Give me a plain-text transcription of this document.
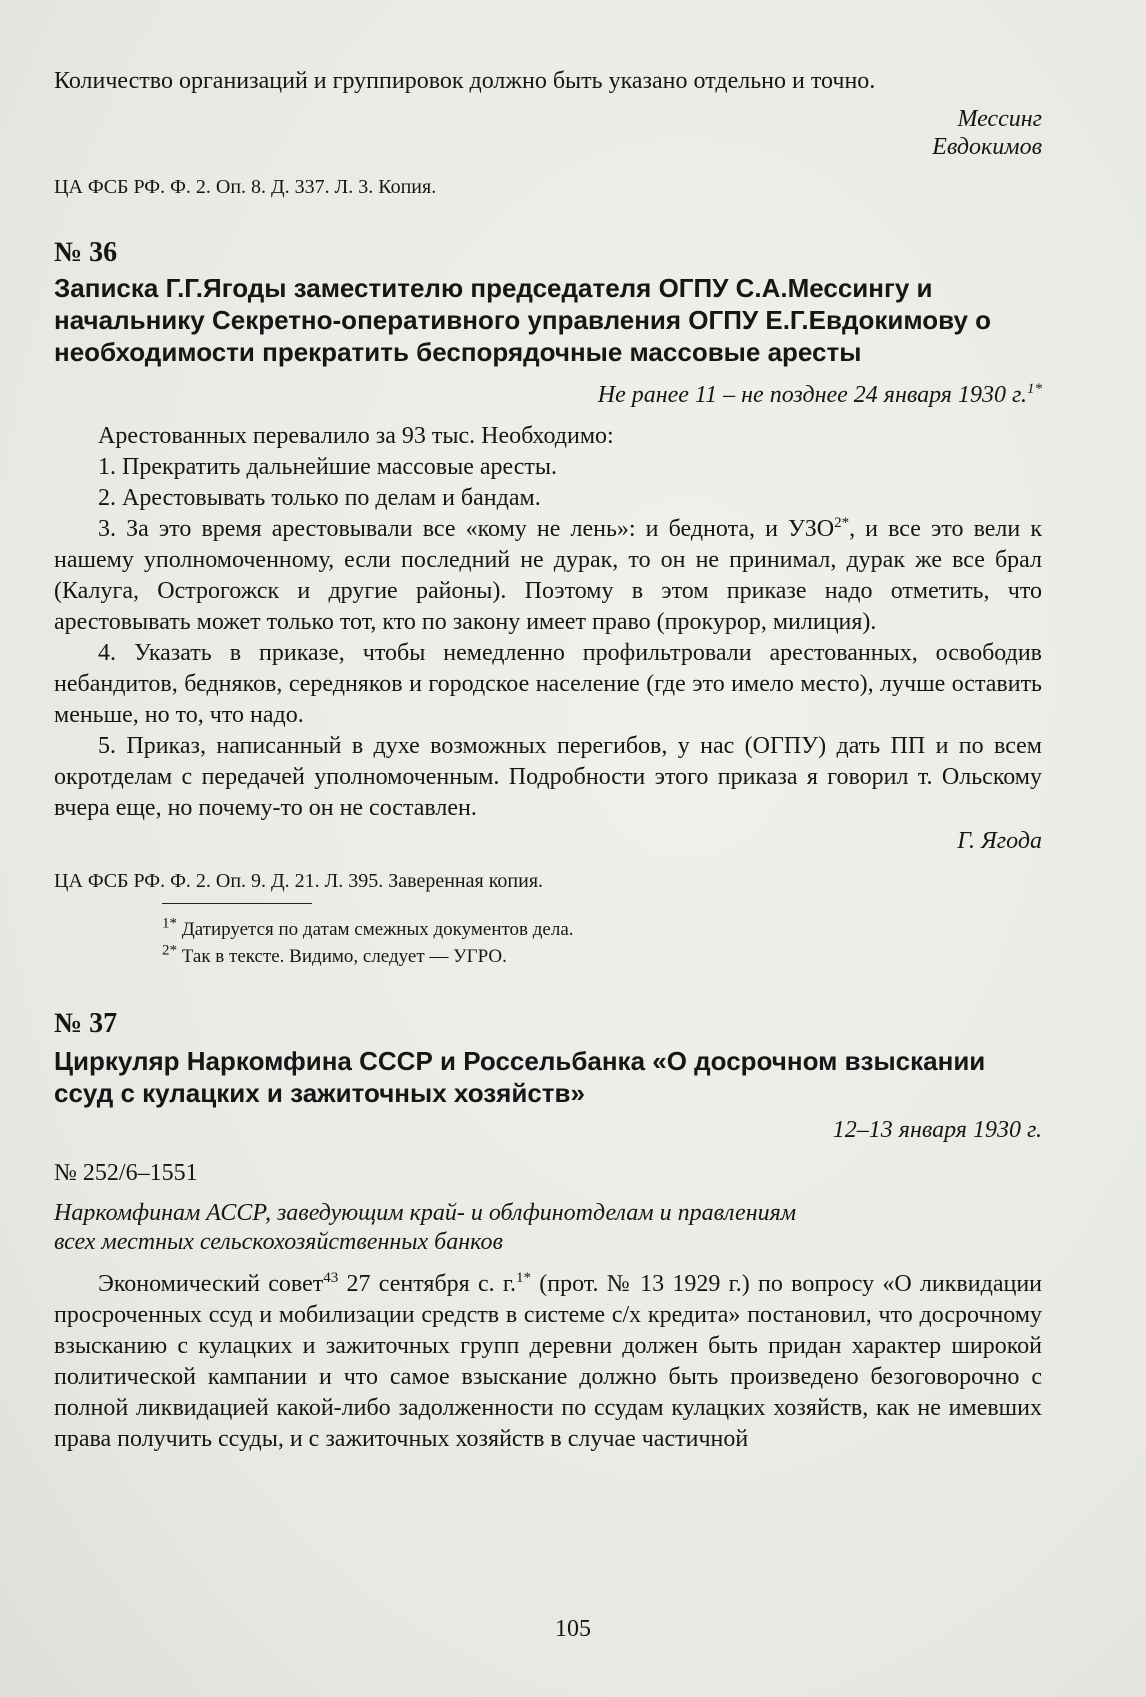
Количество организаций и группировок должно быть указано отдельно и точно.

Мессинг

Евдокимов

ЦА ФСБ РФ. Ф. 2. Оп. 8. Д. 337. Л. 3. Копия.

№ 36

Записка Г.Г.Ягоды заместителю председателя ОГПУ С.А.Мессингу и начальнику Секретно-оперативного управления ОГПУ Е.Г.Евдокимову о необходимости прекратить беспорядочные массовые аресты

Не ранее 11 – не позднее 24 января 1930 г.$^{1*}$

Арестованных перевалило за 93 тыс. Необходимо:

1. Прекратить дальнейшие массовые аресты.

2. Арестовывать только по делам и бандам.

3. За это время арестовывали все «кому не лень»: и беднота, и $УЗО^{2*}$, и все это вели к нашему уполномоченному, если последний не дурак, то он не принимал, дурак же все брал (Калуга, Острогожск и другие районы). Поэтому в этом приказе надо отметить, что арестовывать может только тот, кто по закону имеет право (прокурор, милиция).

4. Указать в приказе, чтобы немедленно профильтровали арестованных, освободив небандитов, бедняков, середняков и городское население (где это имело место), лучше оставить меньше, но то, что надо.

5. Приказ, написанный в духе возможных перегибов, у нас (ОГПУ) дать ПП и по всем окротделам с передачей уполномоченным. Подробности этого приказа я говорил т. Ольскому вчера еще, но почему-то он не составлен.

Г. Ягода

ЦА ФСБ РФ. Ф. 2. Оп. 9. Д. 21. Л. 395. Заверенная копия.

$^{1*}$ Датируется по датам смежных документов дела.

$^{2*}$ Так в тексте. Видимо, следует — УГРО.

№ 37

Циркуляр Наркомфина СССР и Россельбанка «О досрочном взыскании ссуд с кулацких и зажиточных хозяйств»

12–13 января 1930 г.

№ 252/6–1551

Наркомфинам АССР, заведующим край- и облфинотделам и правлениям всех местных сельскохозяйственных банков

Экономический совет$^{43}$ 27 сентября с. г.$^{1*}$ (прот. № 13 1929 г.) по вопросу «О ликвидации просроченных ссуд и мобилизации средств в системе с/х кредита» постановил, что досрочному взысканию с кулацких и зажиточных групп деревни должен быть придан характер широкой политической кампании и что самое взыскание должно быть произведено безоговорочно с полной ликвидацией какой-либо задолженности по ссудам кулацких хозяйств, как не имевших права получить ссуды, и с зажиточных хозяйств в случае частичной

105
